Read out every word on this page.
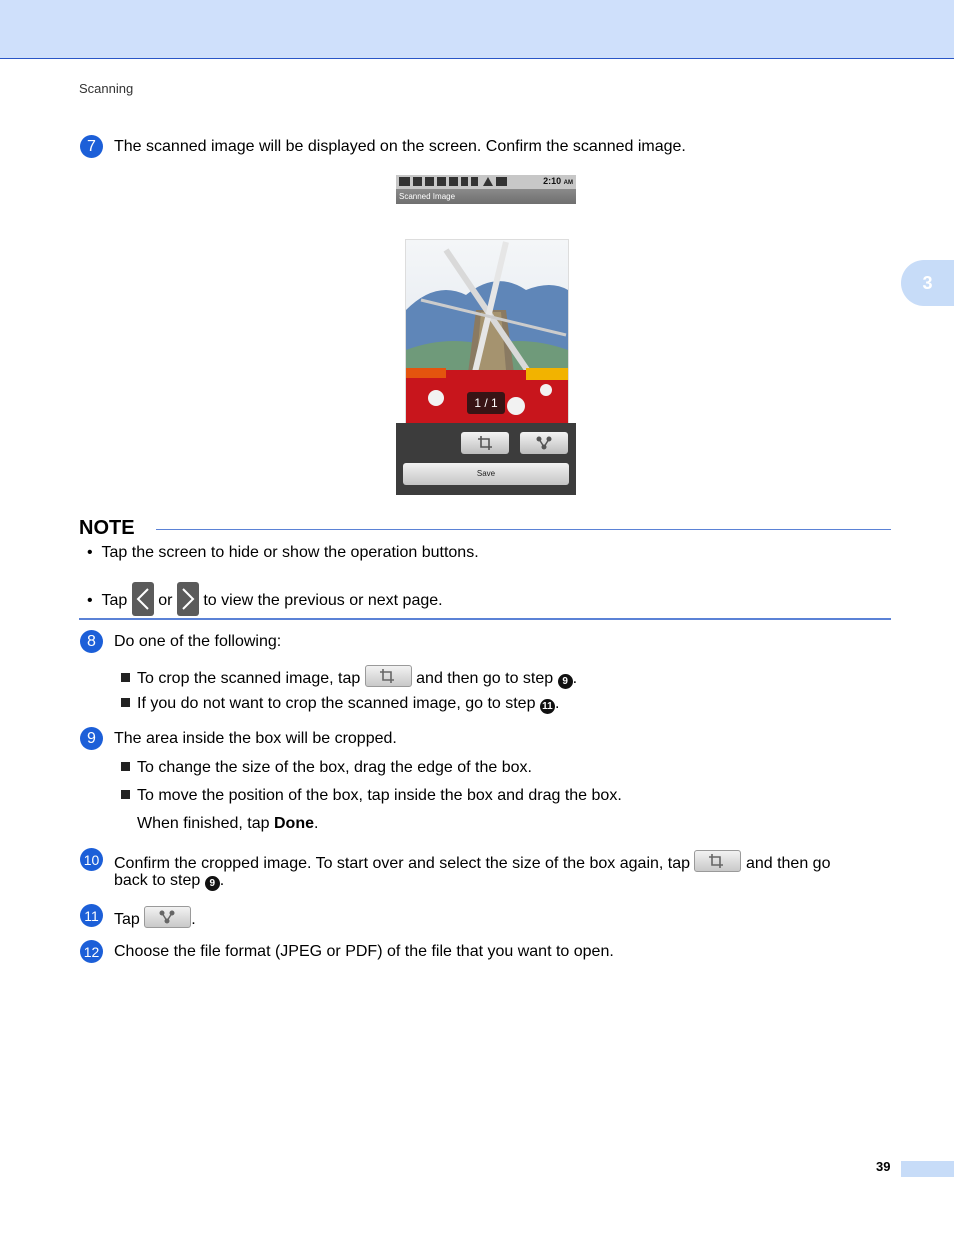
Scanning
3
7	The scanned image will be displayed on the screen. Confirm the scanned image.
2:10 AM
Scanned Image
1 / 1
Save
NOTE
• Tap the screen to hide or show the operation buttons.
• Tap or to view the previous or next page.
8	Do one of the following:
To crop the scanned image, tap	and then go to step 9 .
If you do not want to crop the scanned image, go to step 11 .
9	The area inside the box will be cropped.
To change the size of the box, drag the edge of the box.
To move the position of the box, tap inside the box and drag the box.
When finished, tap Done.
10 Confirm the cropped image. To start over and select the size of the box again, tap	and then go
back to step 9 .
11 Tap	.
12 Choose the file format (JPEG or PDF) of the file that you want to open.
39
